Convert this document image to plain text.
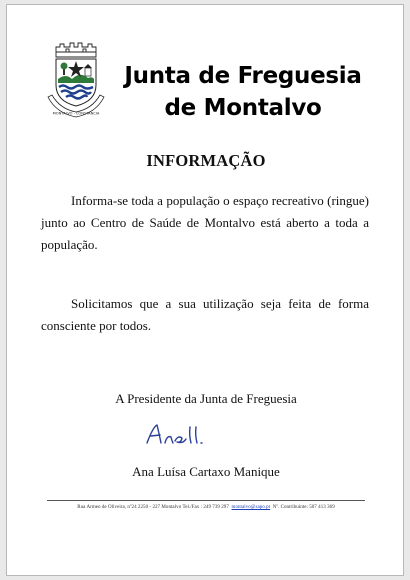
MONTALVO · CONSTÂNCIA
Junta de Freguesia
de Montalvo
INFORMAÇÃO

Informa-se toda a população o espaço recreativo (ringue) junto ao Centro de Saúde de Montalvo está aberto a toda a população.

Solicitamos que a sua utilização seja feita de forma consciente por todos.

A Presidente da Junta de Freguesia
Ana Luísa Cartaxo Manique
Rua Armeo de Oliveira, nº24 2250 - 227 Montalvo Tel./Fax : 249 739 297 montalvo@sapo.pt Nº. Contribuinte: 507 413 369
